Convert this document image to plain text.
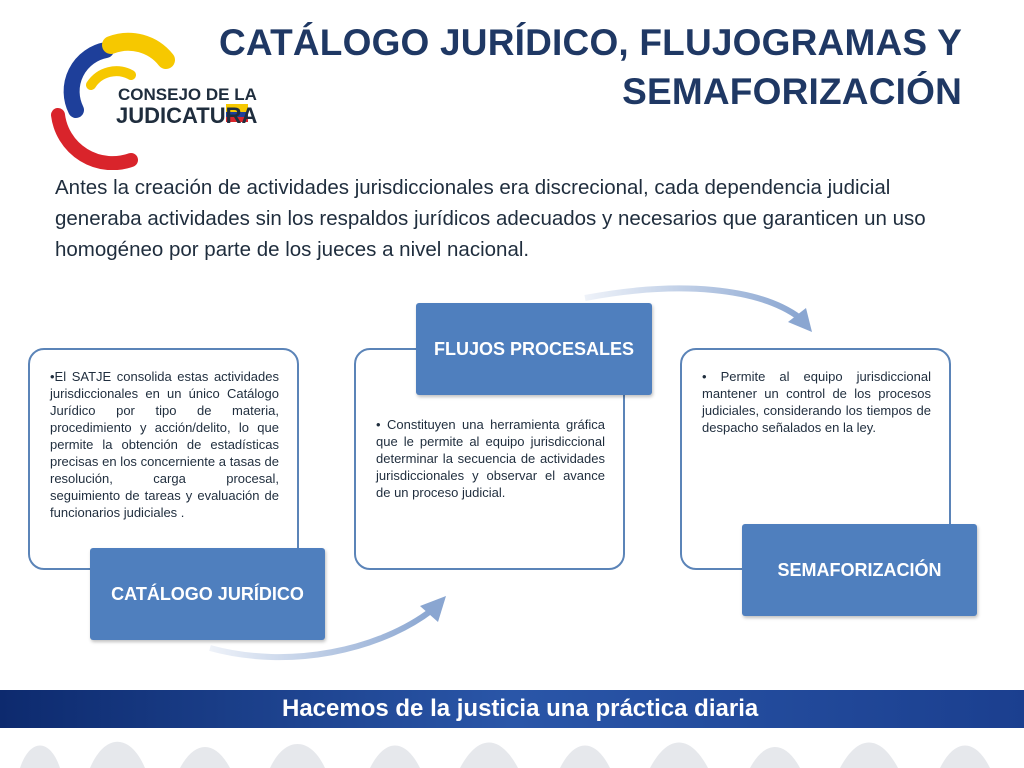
CONSEJO DE LA
JUDICATURA
CATÁLOGO JURÍDICO, FLUJOGRAMAS Y SEMAFORIZACIÓN
Antes la creación de actividades jurisdiccionales era discrecional, cada dependencia judicial generaba actividades sin los respaldos jurídicos adecuados y necesarios que garanticen un uso homogéneo por parte de los jueces a nivel nacional.
•El SATJE consolida estas actividades jurisdiccionales en un único Catálogo Jurídico por tipo de materia, procedimiento y acción/delito, lo que permite la obtención de estadísticas precisas en los concerniente a tasas de resolución, carga procesal, seguimiento de tareas y evaluación de funcionarios judiciales .
CATÁLOGO JURÍDICO
• Constituyen una herramienta gráfica que le permite al equipo jurisdiccional determinar la secuencia de actividades jurisdiccionales y observar el avance de un proceso judicial.
FLUJOS PROCESALES
• Permite al equipo jurisdiccional mantener un control de los procesos judiciales, considerando los tiempos de despacho señalados en la ley.
SEMAFORIZACIÓN
Hacemos de la justicia una práctica diaria
